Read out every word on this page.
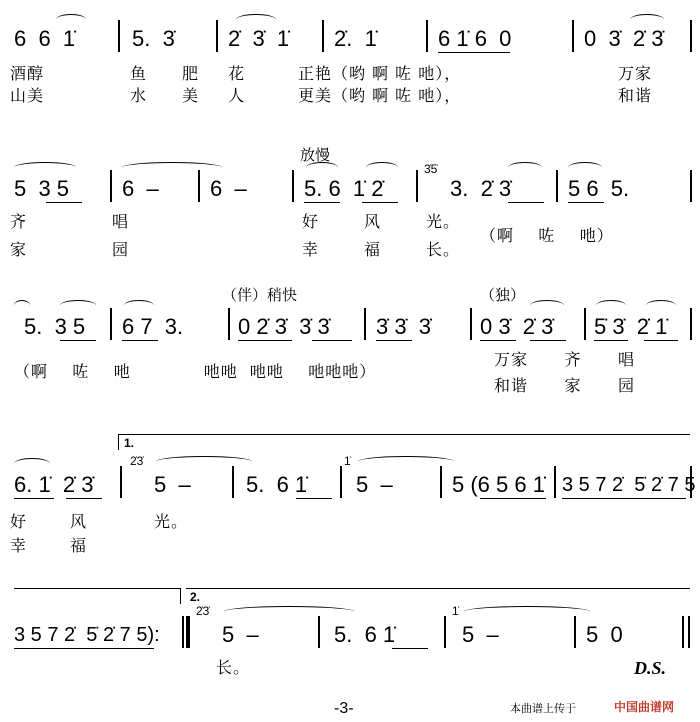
6  6  1̇	5.  3̇ 2̇  3̇  1̇ 2̇.  1̇	6 1̇ 6  0	0  3̇  2̇ 3̇
酒醇	鱼 肥 花	正艳（哟 啊 咗 吔），	万家
山美	水 美 人	更美（哟 啊 咗 吔），	和谐
放慢
3̇5̇
5  3 5 6  – 6  –	5. 6  1̇ 2̇	3.  2̇ 3̇	5 6  5.
齐	唱	好	风	光。
家	园	幸	福	长。
（啊    咗    吔）
（伴）稍快	（独）
5.  3 5 6 7  3. 0 2̇ 3̇  3̇ 3̇ 3̇ 3̇  3̇ 0 3̇  2̇ 3̇ 5̇ 3̇  2̇ 1̇
（啊    咗    吔            吔吔  吔吔    吔吔吔）
万家      齐      唱
和谐      家      园
1.
2̇3̇	1̇
6. 1̇  2̇ 3̇	5  –	5.  6 1̇ 5  –	5 (6 5 6 1̇ 3 5 7 2̇  5̇ 2̇ 7 5
好	风	光。
幸	福
2.
2̇3̇	1̇
3 5 7 2̇  5̇ 2̇ 7 5):	5  –	5.  6 1̇	5  –	5  0
长。	D.S.
-3-	本曲谱上传于	中国曲谱网
